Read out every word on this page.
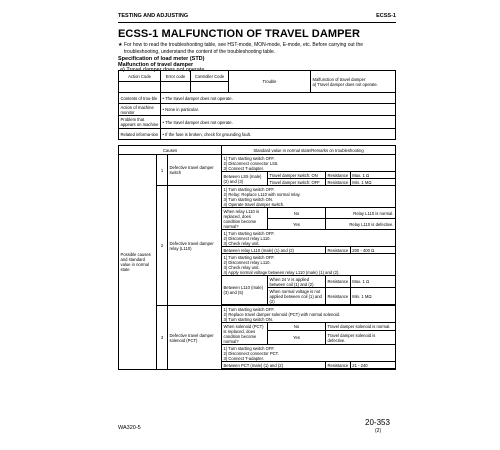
TESTING AND ADJUSTING	ECSS-1
ECSS-1 MALFUNCTION OF TRAVEL DAMPER
★ For how to read the troubleshooting table, see HST-mode, MON-mode, E-mode, etc. Before carrying out the troubleshooting, understand the content of the troubleshooting table.
Specification of load meter (STD)
Malfunction of travel damper
a) Travel damper does not operate.
Action Code	Error code	Controller Code	Trouble	Malfunction of travel damper
a) Travel damper does not operate.

Contents of trou-ble	• The travel damper does not operate.			
Action of machine monitor	• None in particular.			
Problem that appears on machine	• The travel damper does not operate.			
Related informa-tion	• If the fuse is broken, check for grounding fault.			
Causes			Standard value in normal state/Remarks on troubleshooting			
Possible causes and standard value in normal state	1	Defective travel damper switch	1) Turn starting switch OFF.
2) Disconnect connector LS5.
3) Connect T-adapter.			

			Between LS5 (male) (2) and (3)	Travel damper switch: ON	Resistance	Max. 1 Ω
				Travel damper switch: OFF	Resistance	Min. 1 MΩ
	2	Defective travel damper relay (L110)	1) Turn starting switch OFF.
2) Relay: Replace L110 with normal relay.
3) Turn starting switch ON.
4) Operate travel damper switch.			

			When relay L110 is replaced, does condition become normal?	No	Relay L110 is normal.	
				Yes	Relay L110 is defective.	

			1) Turn starting switch OFF.
2) Disconnect relay L110.
3) Check relay unit.			

			Between relay L110 (male) (1) and (2)		Resistance	200 - 400 Ω

			1) Turn starting switch OFF.
2) Disconnect relay L110.
3) Check relay unit.
4) Apply normal voltage between relay L110 (male) (1) and (2).			

			Between L110 (male) (3) and (5)	When 24 V is applied between coil (1) and (2)	Resistance	Max. 1 Ω
				When normal voltage is not applied between coil (1) and (2)	Resistance	Min. 1 MΩ

	3	Defective travel damper solenoid (PCT)	1) Turn starting switch OFF.
2) Replace travel damper solenoid (PCT) with normal solenoid.
3) Turn starting switch ON.			

			When solenoid (PCT) is replaced, does condition become normal?	No	Travel damper solenoid is normal.	
				Yes	Travel damper solenoid is defective.	

			1) Turn starting switch OFF.
2) Disconnect connector PCT.
3) Connect T-adapter.			

			Between PCT (male) (1) and (2)		Resistance	21 - 240

WA320-5
20-353
(2)
